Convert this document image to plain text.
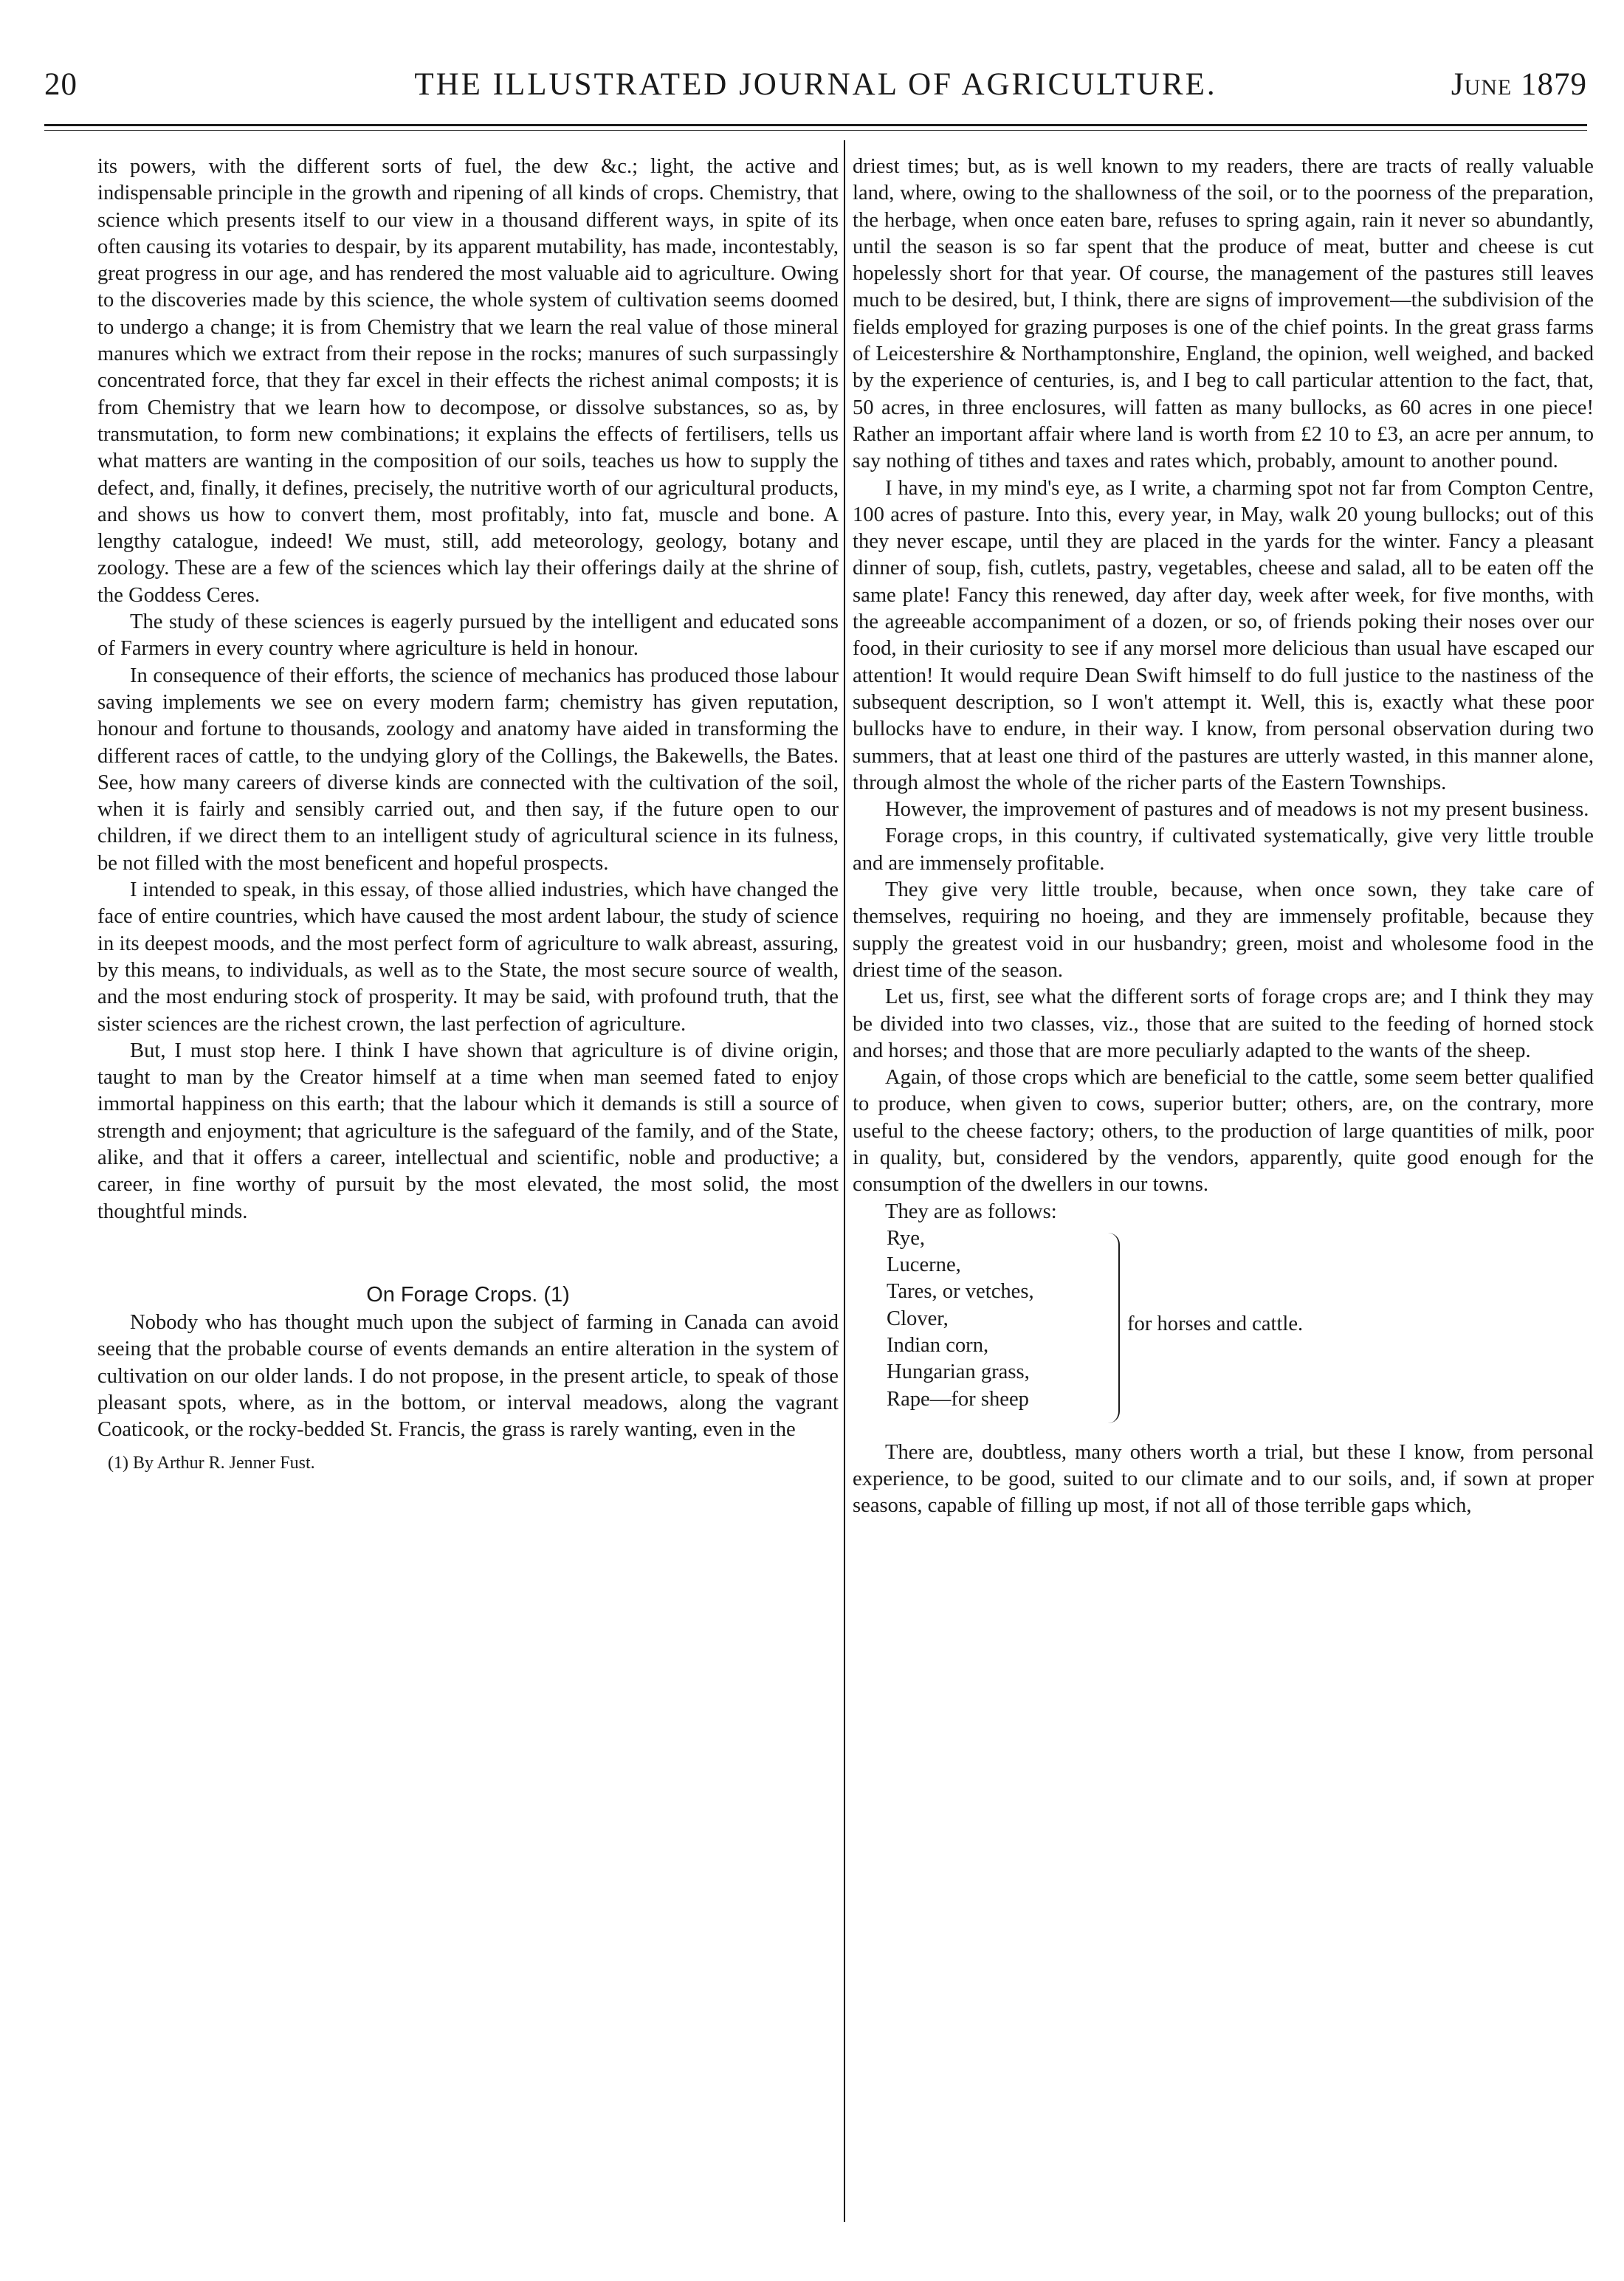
20	THE ILLUSTRATED JOURNAL OF AGRICULTURE.	June 1879

its powers, with the different sorts of fuel, the dew &c.; light, the active and indispensable principle in the growth and ripening of all kinds of crops. Chemistry, that science which presents itself to our view in a thousand different ways, in spite of its often causing its votaries to despair, by its apparent mutability, has made, incontestably, great progress in our age, and has rendered the most valuable aid to agriculture. Owing to the discoveries made by this science, the whole system of cultivation seems doomed to undergo a change; it is from Chemistry that we learn the real value of those mineral manures which we extract from their repose in the rocks; manures of such surpassingly concentrated force, that they far excel in their effects the richest animal composts; it is from Chemistry that we learn how to decompose, or dissolve substances, so as, by transmutation, to form new combinations; it explains the effects of fertilisers, tells us what matters are wanting in the composition of our soils, teaches us how to supply the defect, and, finally, it defines, precisely, the nutritive worth of our agricultural products, and shows us how to convert them, most profitably, into fat, muscle and bone. A lengthy catalogue, indeed! We must, still, add meteorology, geology, botany and zoology. These are a few of the sciences which lay their offerings daily at the shrine of the Goddess Ceres.

The study of these sciences is eagerly pursued by the intelligent and educated sons of Farmers in every country where agriculture is held in honour.

In consequence of their efforts, the science of mechanics has produced those labour saving implements we see on every modern farm; chemistry has given reputation, honour and fortune to thousands, zoology and anatomy have aided in transforming the different races of cattle, to the undying glory of the Collings, the Bakewells, the Bates. See, how many careers of diverse kinds are connected with the cultivation of the soil, when it is fairly and sensibly carried out, and then say, if the future open to our children, if we direct them to an intelligent study of agricultural science in its fulness, be not filled with the most beneficent and hopeful prospects.

I intended to speak, in this essay, of those allied industries, which have changed the face of entire countries, which have caused the most ardent labour, the study of science in its deepest moods, and the most perfect form of agriculture to walk abreast, assuring, by this means, to individuals, as well as to the State, the most secure source of wealth, and the most enduring stock of prosperity. It may be said, with profound truth, that the sister sciences are the richest crown, the last perfection of agriculture.

But, I must stop here. I think I have shown that agriculture is of divine origin, taught to man by the Creator himself at a time when man seemed fated to enjoy immortal happiness on this earth; that the labour which it demands is still a source of strength and enjoyment; that agriculture is the safeguard of the family, and of the State, alike, and that it offers a career, intellectual and scientific, noble and productive; a career, in fine worthy of pursuit by the most elevated, the most solid, the most thoughtful minds.

On Forage Crops. (1)

Nobody who has thought much upon the subject of farming in Canada can avoid seeing that the probable course of events demands an entire alteration in the system of cultivation on our older lands. I do not propose, in the present article, to speak of those pleasant spots, where, as in the bottom, or interval meadows, along the vagrant Coaticook, or the rocky-bedded St. Francis, the grass is rarely wanting, even in the

(1) By Arthur R. Jenner Fust.

driest times; but, as is well known to my readers, there are tracts of really valuable land, where, owing to the shallowness of the soil, or to the poorness of the preparation, the herbage, when once eaten bare, refuses to spring again, rain it never so abundantly, until the season is so far spent that the produce of meat, butter and cheese is cut hopelessly short for that year. Of course, the management of the pastures still leaves much to be desired, but, I think, there are signs of improvement—the subdivision of the fields employed for grazing purposes is one of the chief points. In the great grass farms of Leicestershire & Northamptonshire, England, the opinion, well weighed, and backed by the experience of centuries, is, and I beg to call particular attention to the fact, that, 50 acres, in three enclosures, will fatten as many bullocks, as 60 acres in one piece! Rather an important affair where land is worth from £2 10 to £3, an acre per annum, to say nothing of tithes and taxes and rates which, probably, amount to another pound.

I have, in my mind's eye, as I write, a charming spot not far from Compton Centre, 100 acres of pasture. Into this, every year, in May, walk 20 young bullocks; out of this they never escape, until they are placed in the yards for the winter. Fancy a pleasant dinner of soup, fish, cutlets, pastry, vegetables, cheese and salad, all to be eaten off the same plate! Fancy this renewed, day after day, week after week, for five months, with the agreeable accompaniment of a dozen, or so, of friends poking their noses over our food, in their curiosity to see if any morsel more delicious than usual have escaped our attention! It would require Dean Swift himself to do full justice to the nastiness of the subsequent description, so I won't attempt it. Well, this is, exactly what these poor bullocks have to endure, in their way. I know, from personal observation during two summers, that at least one third of the pastures are utterly wasted, in this manner alone, through almost the whole of the richer parts of the Eastern Townships.

However, the improvement of pastures and of meadows is not my present business.

Forage crops, in this country, if cultivated systematically, give very little trouble and are immensely profitable.

They give very little trouble, because, when once sown, they take care of themselves, requiring no hoeing, and they are immensely profitable, because they supply the greatest void in our husbandry; green, moist and wholesome food in the driest time of the season.

Let us, first, see what the different sorts of forage crops are; and I think they may be divided into two classes, viz., those that are suited to the feeding of horned stock and horses; and those that are more peculiarly adapted to the wants of the sheep.

Again, of those crops which are beneficial to the cattle, some seem better qualified to produce, when given to cows, superior butter; others, are, on the contrary, more useful to the cheese factory; others, to the production of large quantities of milk, poor in quality, but, considered by the vendors, apparently, quite good enough for the consumption of the dwellers in our towns.

They are as follows:

Rye,
Lucerne,
Tares, or vetches,
Clover,
Indian corn,
Hungarian grass,
Rape—for sheep
for horses and cattle.

There are, doubtless, many others worth a trial, but these I know, from personal experience, to be good, suited to our climate and to our soils, and, if sown at proper seasons, capable of filling up most, if not all of those terrible gaps which,
